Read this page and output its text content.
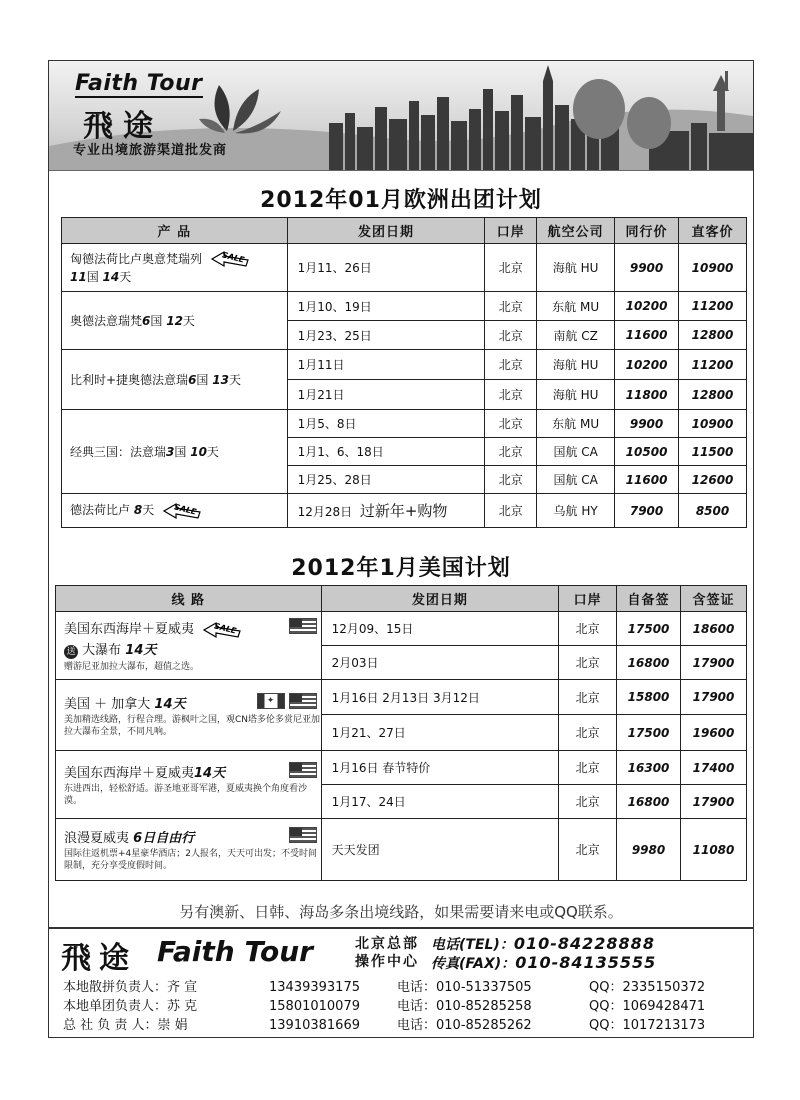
Faith Tour
飛途
专业出境旅游渠道批发商
2012年01月欧洲出团计划
产 品	发团日期	口岸	航空公司	同行价	直客价
匈德法荷比卢奥意梵瑞列 SALE

11国 14天	1月11、26日	北京	海航 HU	9900	10900
奥德法意瑞梵6国 12天	1月10、19日	北京	东航 MU	10200	11200
	1月23、25日	北京	南航 CZ	11600	12800
比利时+捷奥德法意瑞6国 13天	1月11日	北京	海航 HU	10200	11200
	1月21日	北京	海航 HU	11800	12800
经典三国：法意瑞3国 10天	1月5、8日	北京	东航 MU	9900	10900
	1月1、6、18日	北京	国航 CA	10500	11500
	1月25、28日	北京	国航 CA	11600	12600
德法荷比卢 8天 SALE	12月28日 过新年+购物	北京	乌航 HY	7900	8500
2012年1月美国计划
线 路	发团日期	口岸	自备签	含签证

美国东西海岸＋夏威夷 SALE

送 大瀑布 14天
赠游尼亚加拉大瀑布，超值之选。	12月09、15日	北京	17500	18600
	2月03日	北京	16800	17900

✦
美国 ＋ 加拿大 14天
美加精选线路，行程合理。游枫叶之国，观CN塔多伦多赏尼亚加拉大瀑布全景，不同凡响。	1月16日 2月13日 3月12日	北京	15800	17900
	1月21、27日	北京	17500	19600

美国东西海岸＋夏威夷14天
东进西出，轻松舒适。游圣地亚哥军港，夏威夷换个角度看沙漠。	1月16日 春节特价	北京	16300	17400
	1月17、24日	北京	16800	17900

浪漫夏威夷 6日自由行
国际往返机票+4星豪华酒店；2人报名，天天可出发；不受时间限制，充分享受度假时间。	天天发团	北京	9980	11080
另有澳新、日韩、海岛多条出境线路，如果需要请来电或QQ联系。
飛途 Faith Tour	北京总部
操作中心
电话(TEL)：010-84228888
传真(FAX)：010-84135555
本地散拼负责人：齐 宣	13439393175	电话：010-51337505	QQ：2335150372
本地单团负责人：苏 克	15801010079	电话：010-85285258	QQ：1069428471
总 社 负 责 人：崇 娟	13910381669	电话：010-85285262	QQ：1017213173
